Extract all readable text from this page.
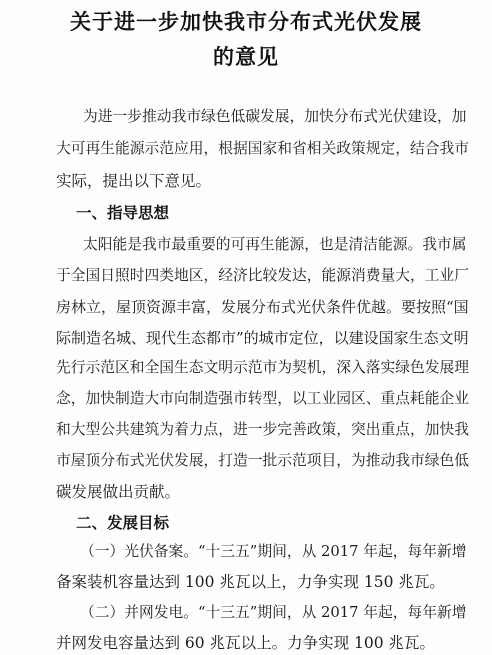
关于进一步加快我市分布式光伏发展
的意见
为进一步推动我市绿色低碳发展，加快分布式光伏建设，加
大可再生能源示范应用，根据国家和省相关政策规定，结合我市
实际，提出以下意见。
一、指导思想
太阳能是我市最重要的可再生能源，也是清洁能源。我市属
于全国日照时四类地区，经济比较发达，能源消费量大，工业厂
房林立，屋顶资源丰富，发展分布式光伏条件优越。要按照“国
际制造名城、现代生态都市”的城市定位，以建设国家生态文明
先行示范区和全国生态文明示范市为契机，深入落实绿色发展理
念，加快制造大市向制造强市转型，以工业园区、重点耗能企业
和大型公共建筑为着力点，进一步完善政策，突出重点，加快我
市屋顶分布式光伏发展，打造一批示范项目，为推动我市绿色低
碳发展做出贡献。
二、发展目标
（一）光伏备案。“十三五”期间，从 2017 年起，每年新增
备案装机容量达到 100 兆瓦以上，力争实现 150 兆瓦。
（二）并网发电。“十三五”期间，从 2017 年起，每年新增
并网发电容量达到 60 兆瓦以上。力争实现 100 兆瓦。
